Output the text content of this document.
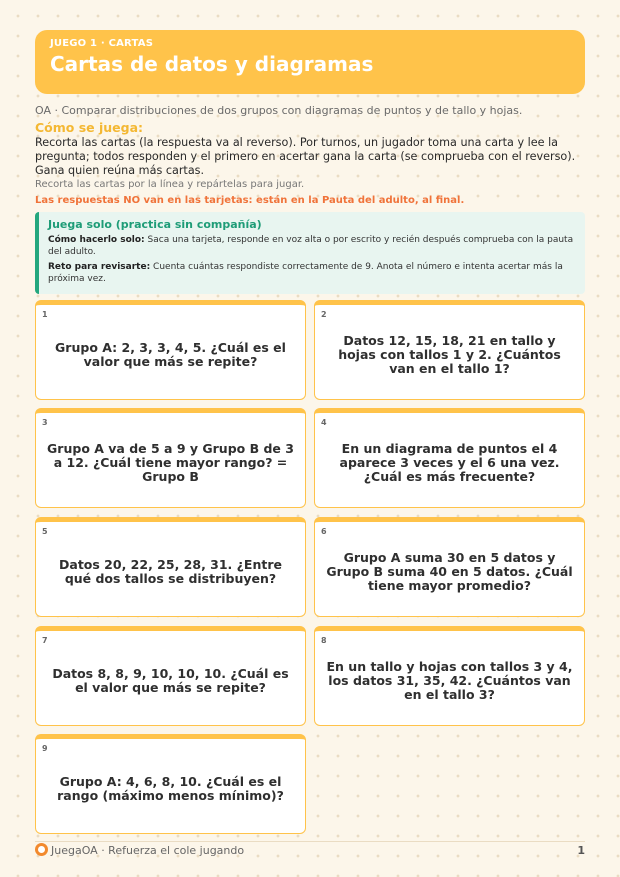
JUEGO 1 · CARTAS
Cartas de datos y diagramas
OA · Comparar distribuciones de dos grupos con diagramas de puntos y de tallo y hojas.
Cómo se juega:
Recorta las cartas (la respuesta va al reverso). Por turnos, un jugador toma una carta y lee la pregunta; todos responden y el primero en acertar gana la carta (se comprueba con el reverso). Gana quien reúna más cartas.
Recorta las cartas por la línea y repártelas para jugar.
Las respuestas NO van en las tarjetas: están en la Pauta del adulto, al final.
Juega solo (practica sin compañía)
Cómo hacerlo solo: Saca una tarjeta, responde en voz alta o por escrito y recién después comprueba con la pauta del adulto.
Reto para revisarte: Cuenta cuántas respondiste correctamente de 9. Anota el número e intenta acertar más la próxima vez.
1
Grupo A: 2, 3, 3, 4, 5. ¿Cuál es el valor que más se repite?
2
Datos 12, 15, 18, 21 en tallo y hojas con tallos 1 y 2. ¿Cuántos van en el tallo 1?
3
Grupo A va de 5 a 9 y Grupo B de 3 a 12. ¿Cuál tiene mayor rango? = Grupo B
4
En un diagrama de puntos el 4 aparece 3 veces y el 6 una vez. ¿Cuál es más frecuente?
5
Datos 20, 22, 25, 28, 31. ¿Entre qué dos tallos se distribuyen?
6
Grupo A suma 30 en 5 datos y Grupo B suma 40 en 5 datos. ¿Cuál tiene mayor promedio?
7
Datos 8, 8, 9, 10, 10, 10. ¿Cuál es el valor que más se repite?
8
En un tallo y hojas con tallos 3 y 4, los datos 31, 35, 42. ¿Cuántos van en el tallo 3?
9
Grupo A: 4, 6, 8, 10. ¿Cuál es el rango (máximo menos mínimo)?
JuegaOA · Refuerza el cole jugando	1
